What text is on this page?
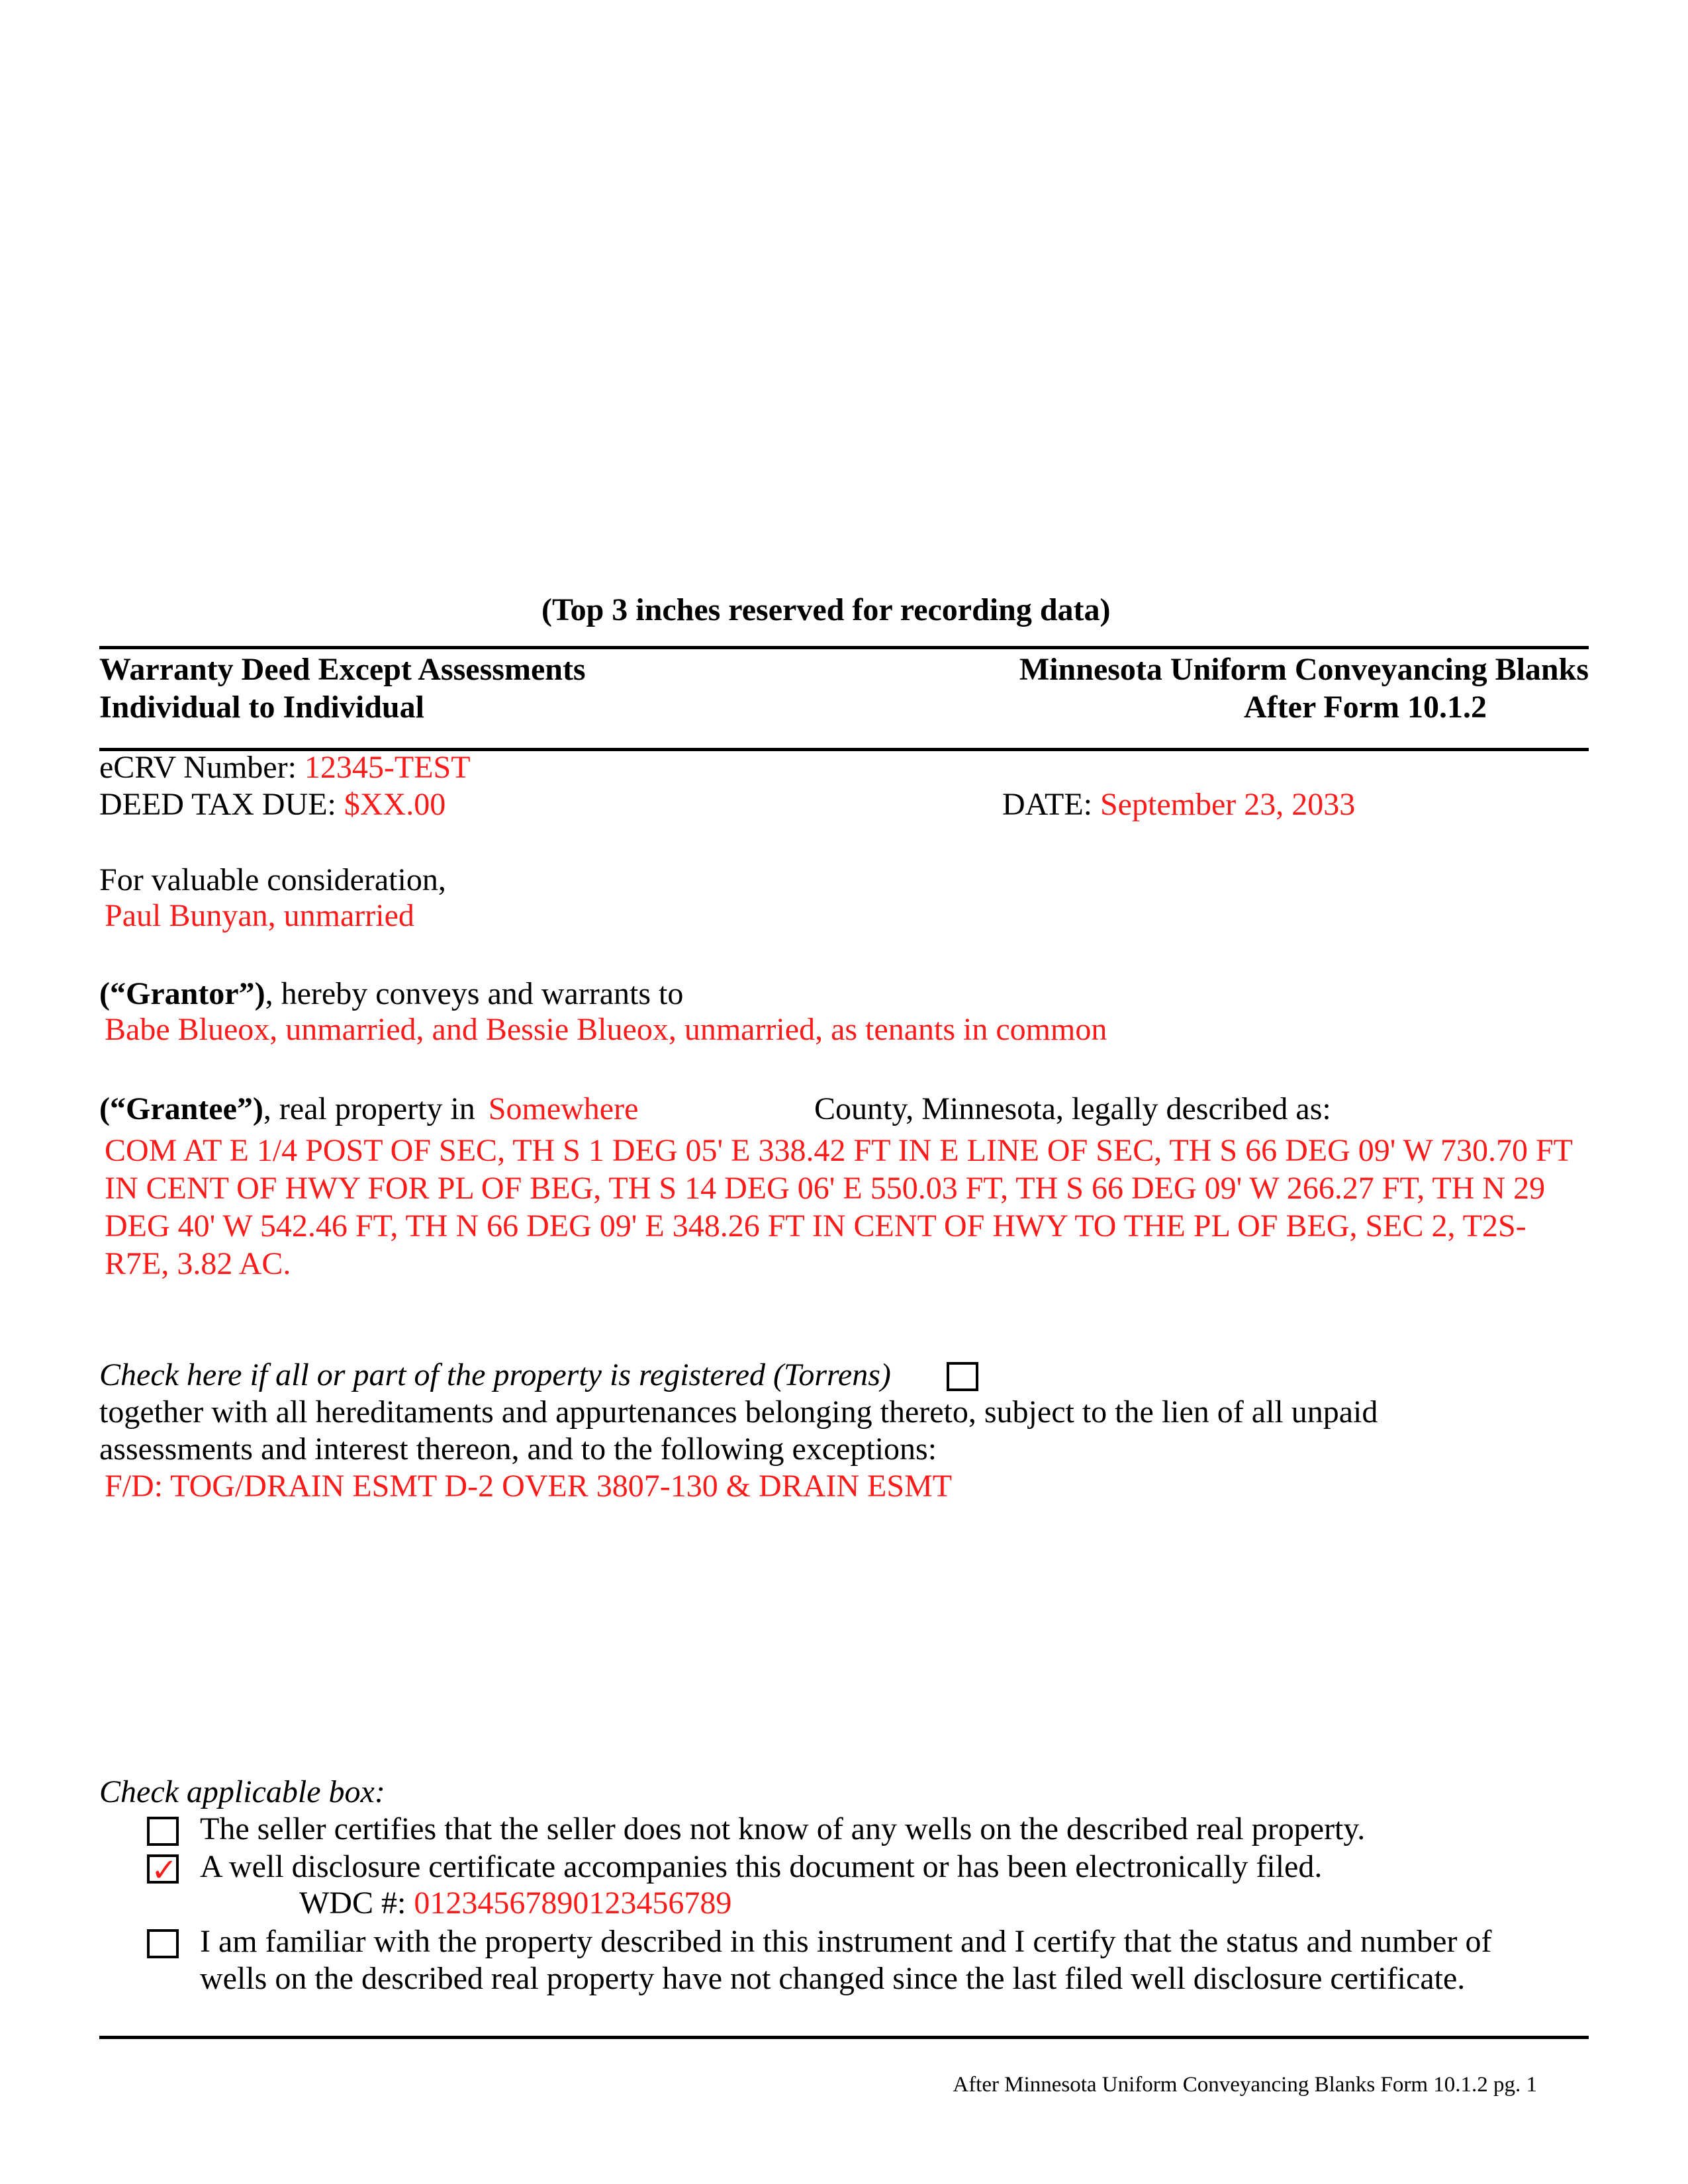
(Top 3 inches reserved for recording data)
Warranty Deed Except Assessments
Individual to Individual
Minnesota Uniform Conveyancing Blanks
After Form 10.1.2
eCRV Number: 12345-TEST
DEED TAX DUE: $XX.00	DATE: September 23, 2033
For valuable consideration,
Paul Bunyan, unmarried
(“Grantor”), hereby conveys and warrants to
Babe Blueox, unmarried, and Bessie Blueox, unmarried, as tenants in common
(“Grantee”), real property in Somewhere	County, Minnesota, legally described as:
COM AT E 1/4 POST OF SEC, TH S 1 DEG 05' E 338.42 FT IN E LINE OF SEC, TH S 66 DEG 09' W 730.70 FT IN CENT OF HWY FOR PL OF BEG, TH S 14 DEG 06' E 550.03 FT, TH S 66 DEG 09' W 266.27 FT, TH N 29 DEG 40' W 542.46 FT, TH N 66 DEG 09' E 348.26 FT IN CENT OF HWY TO THE PL OF BEG, SEC 2, T2S-R7E, 3.82 AC.
Check here if all or part of the property is registered (Torrens)
together with all hereditaments and appurtenances belonging thereto, subject to the lien of all unpaid
assessments and interest thereon, and to the following exceptions:
F/D: TOG/DRAIN ESMT D-2 OVER 3807-130 & DRAIN ESMT
Check applicable box:
The seller certifies that the seller does not know of any wells on the described real property.
✓ A well disclosure certificate accompanies this document or has been electronically filed.
WDC #: 01234567890123456789
I am familiar with the property described in this instrument and I certify that the status and number of
wells on the described real property have not changed since the last filed well disclosure certificate.
After Minnesota Uniform Conveyancing Blanks Form 10.1.2 pg. 1
